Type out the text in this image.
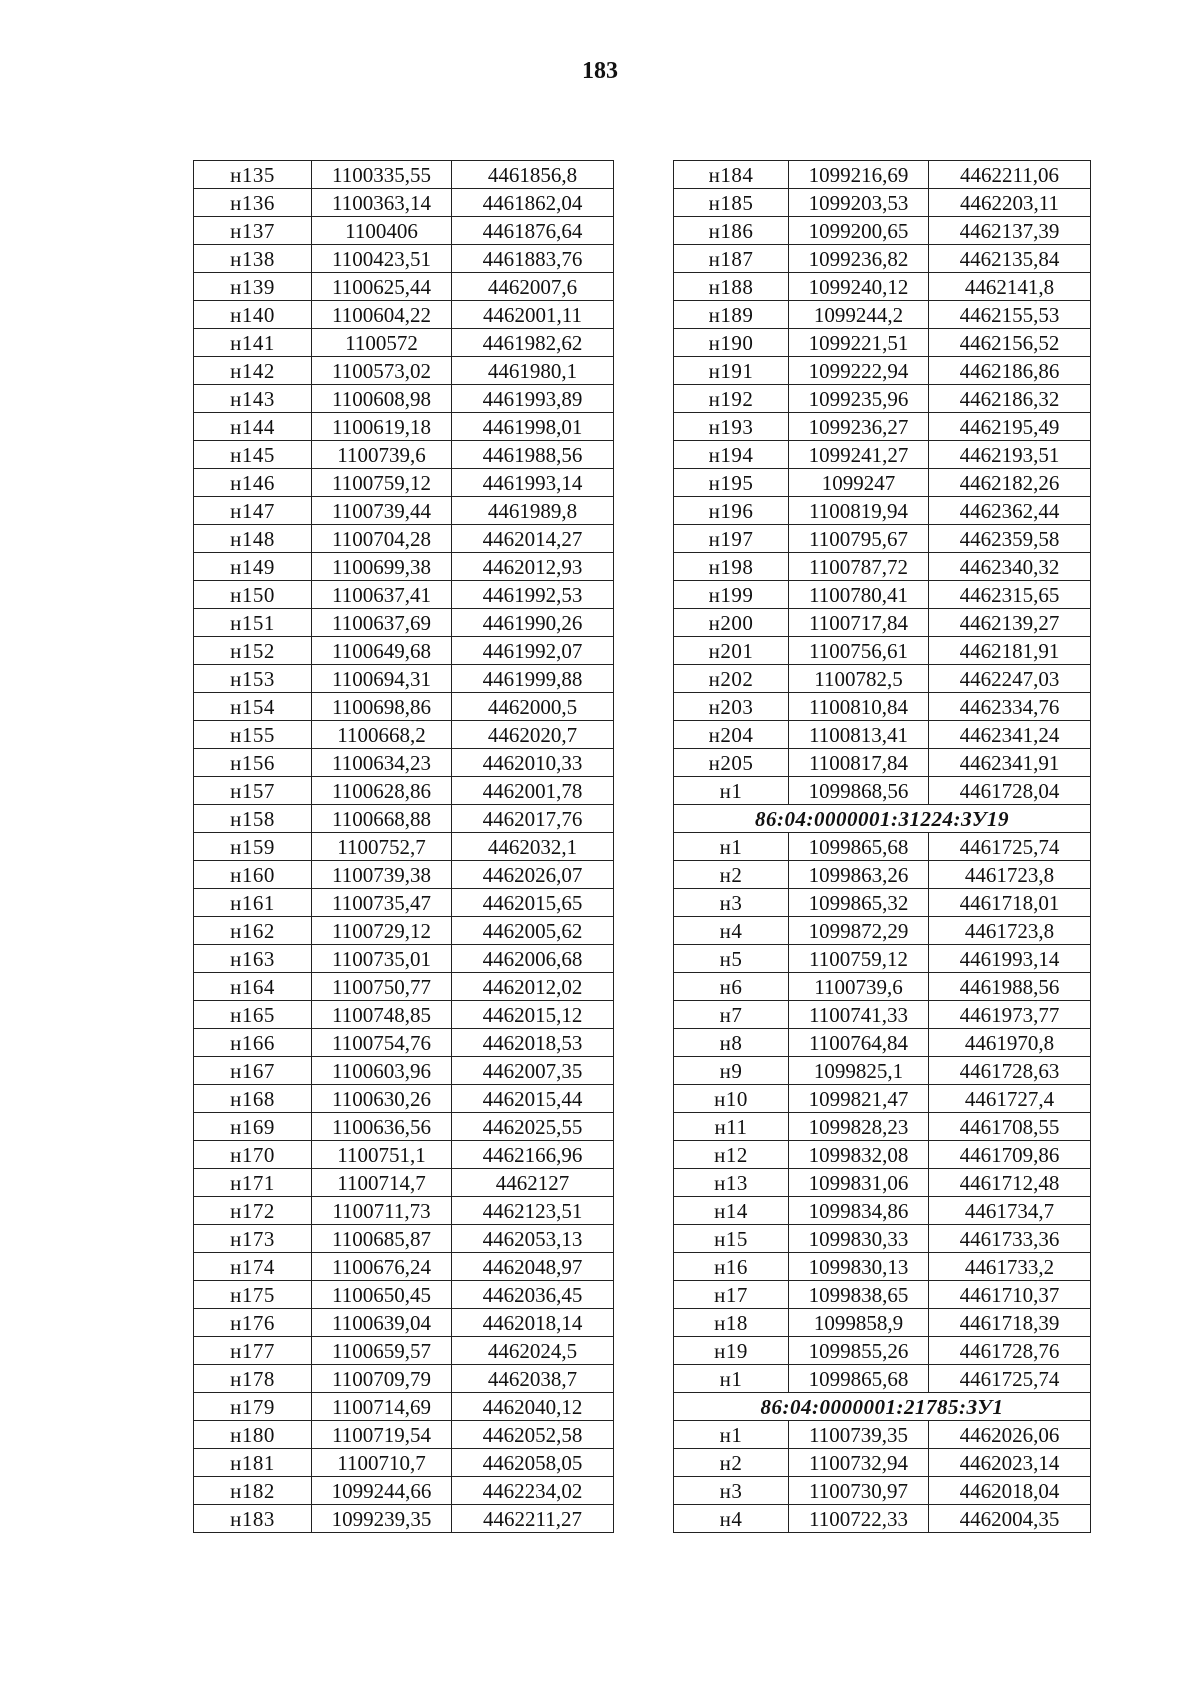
183
н135	1100335,55	4461856,8
н136	1100363,14	4461862,04
н137	1100406	4461876,64
н138	1100423,51	4461883,76
н139	1100625,44	4462007,6
н140	1100604,22	4462001,11
н141	1100572	4461982,62
н142	1100573,02	4461980,1
н143	1100608,98	4461993,89
н144	1100619,18	4461998,01
н145	1100739,6	4461988,56
н146	1100759,12	4461993,14
н147	1100739,44	4461989,8
н148	1100704,28	4462014,27
н149	1100699,38	4462012,93
н150	1100637,41	4461992,53
н151	1100637,69	4461990,26
н152	1100649,68	4461992,07
н153	1100694,31	4461999,88
н154	1100698,86	4462000,5
н155	1100668,2	4462020,7
н156	1100634,23	4462010,33
н157	1100628,86	4462001,78
н158	1100668,88	4462017,76
н159	1100752,7	4462032,1
н160	1100739,38	4462026,07
н161	1100735,47	4462015,65
н162	1100729,12	4462005,62
н163	1100735,01	4462006,68
н164	1100750,77	4462012,02
н165	1100748,85	4462015,12
н166	1100754,76	4462018,53
н167	1100603,96	4462007,35
н168	1100630,26	4462015,44
н169	1100636,56	4462025,55
н170	1100751,1	4462166,96
н171	1100714,7	4462127
н172	1100711,73	4462123,51
н173	1100685,87	4462053,13
н174	1100676,24	4462048,97
н175	1100650,45	4462036,45
н176	1100639,04	4462018,14
н177	1100659,57	4462024,5
н178	1100709,79	4462038,7
н179	1100714,69	4462040,12
н180	1100719,54	4462052,58
н181	1100710,7	4462058,05
н182	1099244,66	4462234,02
н183	1099239,35	4462211,27
н184	1099216,69	4462211,06
н185	1099203,53	4462203,11
н186	1099200,65	4462137,39
н187	1099236,82	4462135,84
н188	1099240,12	4462141,8
н189	1099244,2	4462155,53
н190	1099221,51	4462156,52
н191	1099222,94	4462186,86
н192	1099235,96	4462186,32
н193	1099236,27	4462195,49
н194	1099241,27	4462193,51
н195	1099247	4462182,26
н196	1100819,94	4462362,44
н197	1100795,67	4462359,58
н198	1100787,72	4462340,32
н199	1100780,41	4462315,65
н200	1100717,84	4462139,27
н201	1100756,61	4462181,91
н202	1100782,5	4462247,03
н203	1100810,84	4462334,76
н204	1100813,41	4462341,24
н205	1100817,84	4462341,91
н1	1099868,56	4461728,04
86:04:0000001:31224:ЗУ19		
н1	1099865,68	4461725,74
н2	1099863,26	4461723,8
н3	1099865,32	4461718,01
н4	1099872,29	4461723,8
н5	1100759,12	4461993,14
н6	1100739,6	4461988,56
н7	1100741,33	4461973,77
н8	1100764,84	4461970,8
н9	1099825,1	4461728,63
н10	1099821,47	4461727,4
н11	1099828,23	4461708,55
н12	1099832,08	4461709,86
н13	1099831,06	4461712,48
н14	1099834,86	4461734,7
н15	1099830,33	4461733,36
н16	1099830,13	4461733,2
н17	1099838,65	4461710,37
н18	1099858,9	4461718,39
н19	1099855,26	4461728,76
н1	1099865,68	4461725,74
86:04:0000001:21785:ЗУ1		
н1	1100739,35	4462026,06
н2	1100732,94	4462023,14
н3	1100730,97	4462018,04
н4	1100722,33	4462004,35
